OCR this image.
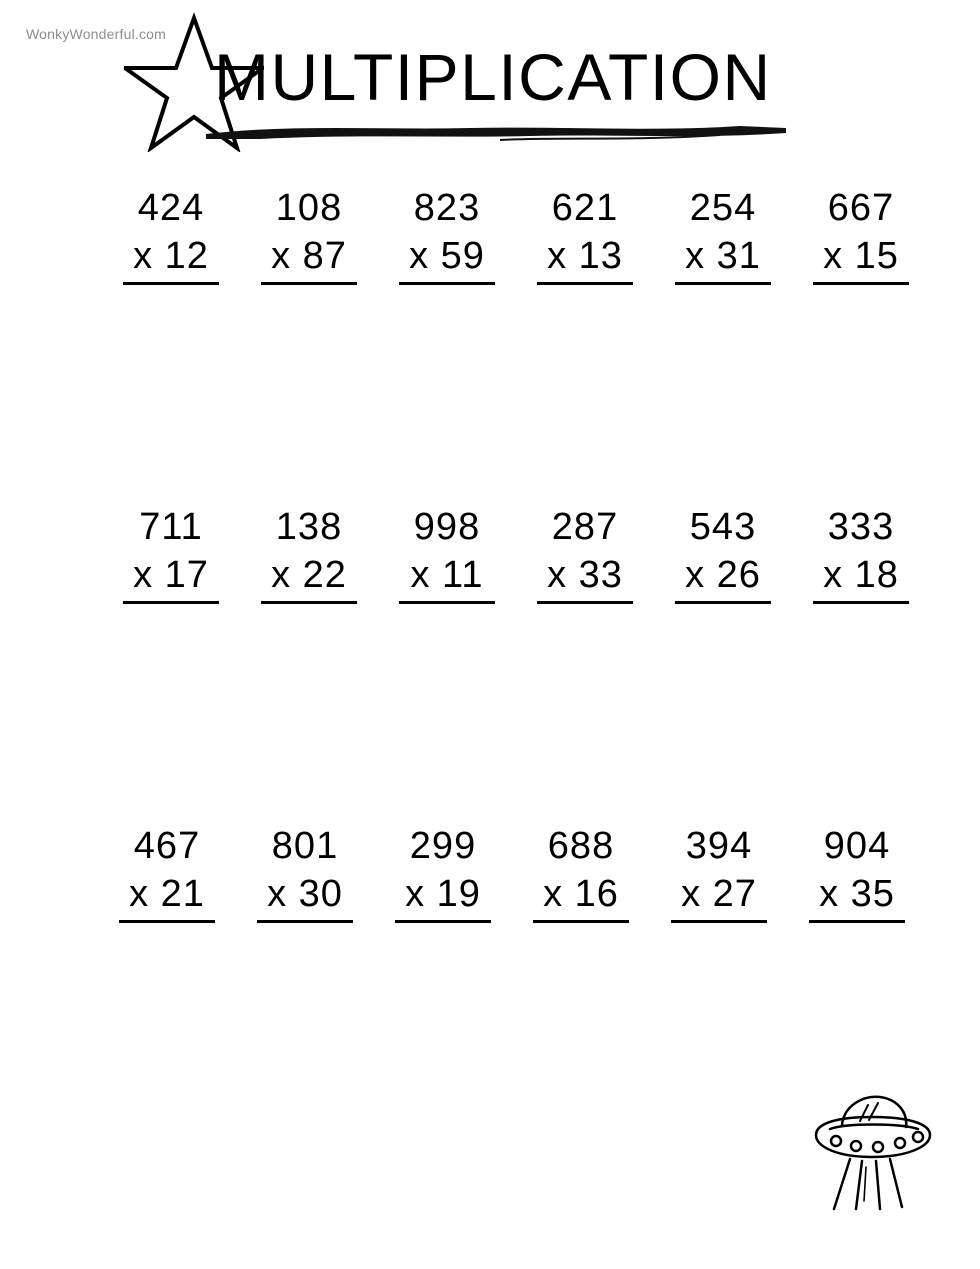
WonkyWonderful.com
MULTIPLICATION
424
x 12
108
x 87
823
x 59
621
x 13
254
x 31
667
x 15
711
x 17
138
x 22
998
x 11
287
x 33
543
x 26
333
x 18
467
x 21
801
x 30
299
x 19
688
x 16
394
x 27
904
x 35
